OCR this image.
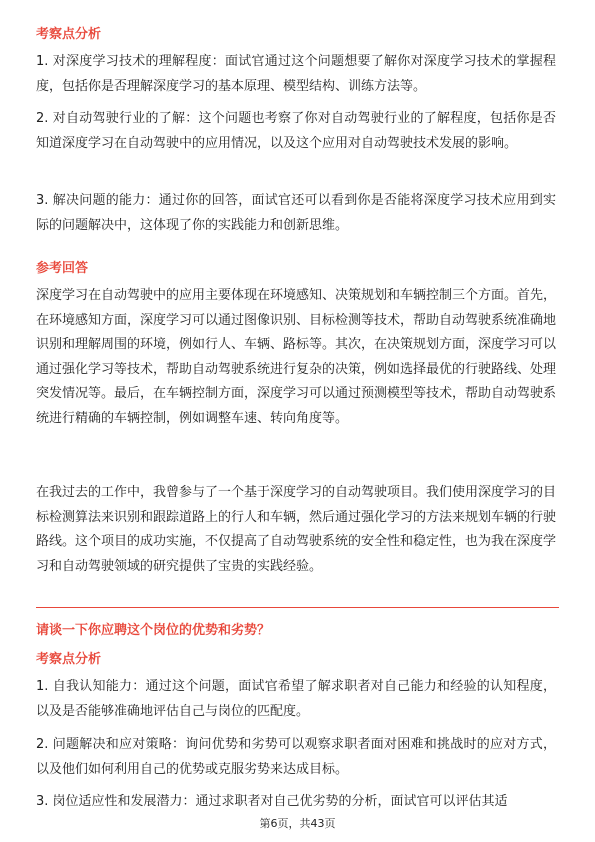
考察点分析

1. 对深度学习技术的理解程度：面试官通过这个问题想要了解你对深度学习技术的掌握程度，包括你是否理解深度学习的基本原理、模型结构、训练方法等。

2. 对自动驾驶行业的了解：这个问题也考察了你对自动驾驶行业的了解程度，包括你是否知道深度学习在自动驾驶中的应用情况，以及这个应用对自动驾驶技术发展的影响。

3. 解决问题的能力：通过你的回答，面试官还可以看到你是否能将深度学习技术应用到实际的问题解决中，这体现了你的实践能力和创新思维。

参考回答

深度学习在自动驾驶中的应用主要体现在环境感知、决策规划和车辆控制三个方面。首先，在环境感知方面，深度学习可以通过图像识别、目标检测等技术，帮助自动驾驶系统准确地识别和理解周围的环境，例如行人、车辆、路标等。其次，在决策规划方面，深度学习可以通过强化学习等技术，帮助自动驾驶系统进行复杂的决策，例如选择最优的行驶路线、处理突发情况等。最后，在车辆控制方面，深度学习可以通过预测模型等技术，帮助自动驾驶系统进行精确的车辆控制，例如调整车速、转向角度等。

在我过去的工作中，我曾参与了一个基于深度学习的自动驾驶项目。我们使用深度学习的目标检测算法来识别和跟踪道路上的行人和车辆，然后通过强化学习的方法来规划车辆的行驶路线。这个项目的成功实施，不仅提高了自动驾驶系统的安全性和稳定性，也为我在深度学习和自动驾驶领域的研究提供了宝贵的实践经验。

请谈一下你应聘这个岗位的优势和劣势？

考察点分析

1. 自我认知能力：通过这个问题，面试官希望了解求职者对自己能力和经验的认知程度，以及是否能够准确地评估自己与岗位的匹配度。

2. 问题解决和应对策略：询问优势和劣势可以观察求职者面对困难和挑战时的应对方式，以及他们如何利用自己的优势或克服劣势来达成目标。

3. 岗位适应性和发展潜力：通过求职者对自己优劣势的分析，面试官可以评估其适

第6页，共43页
